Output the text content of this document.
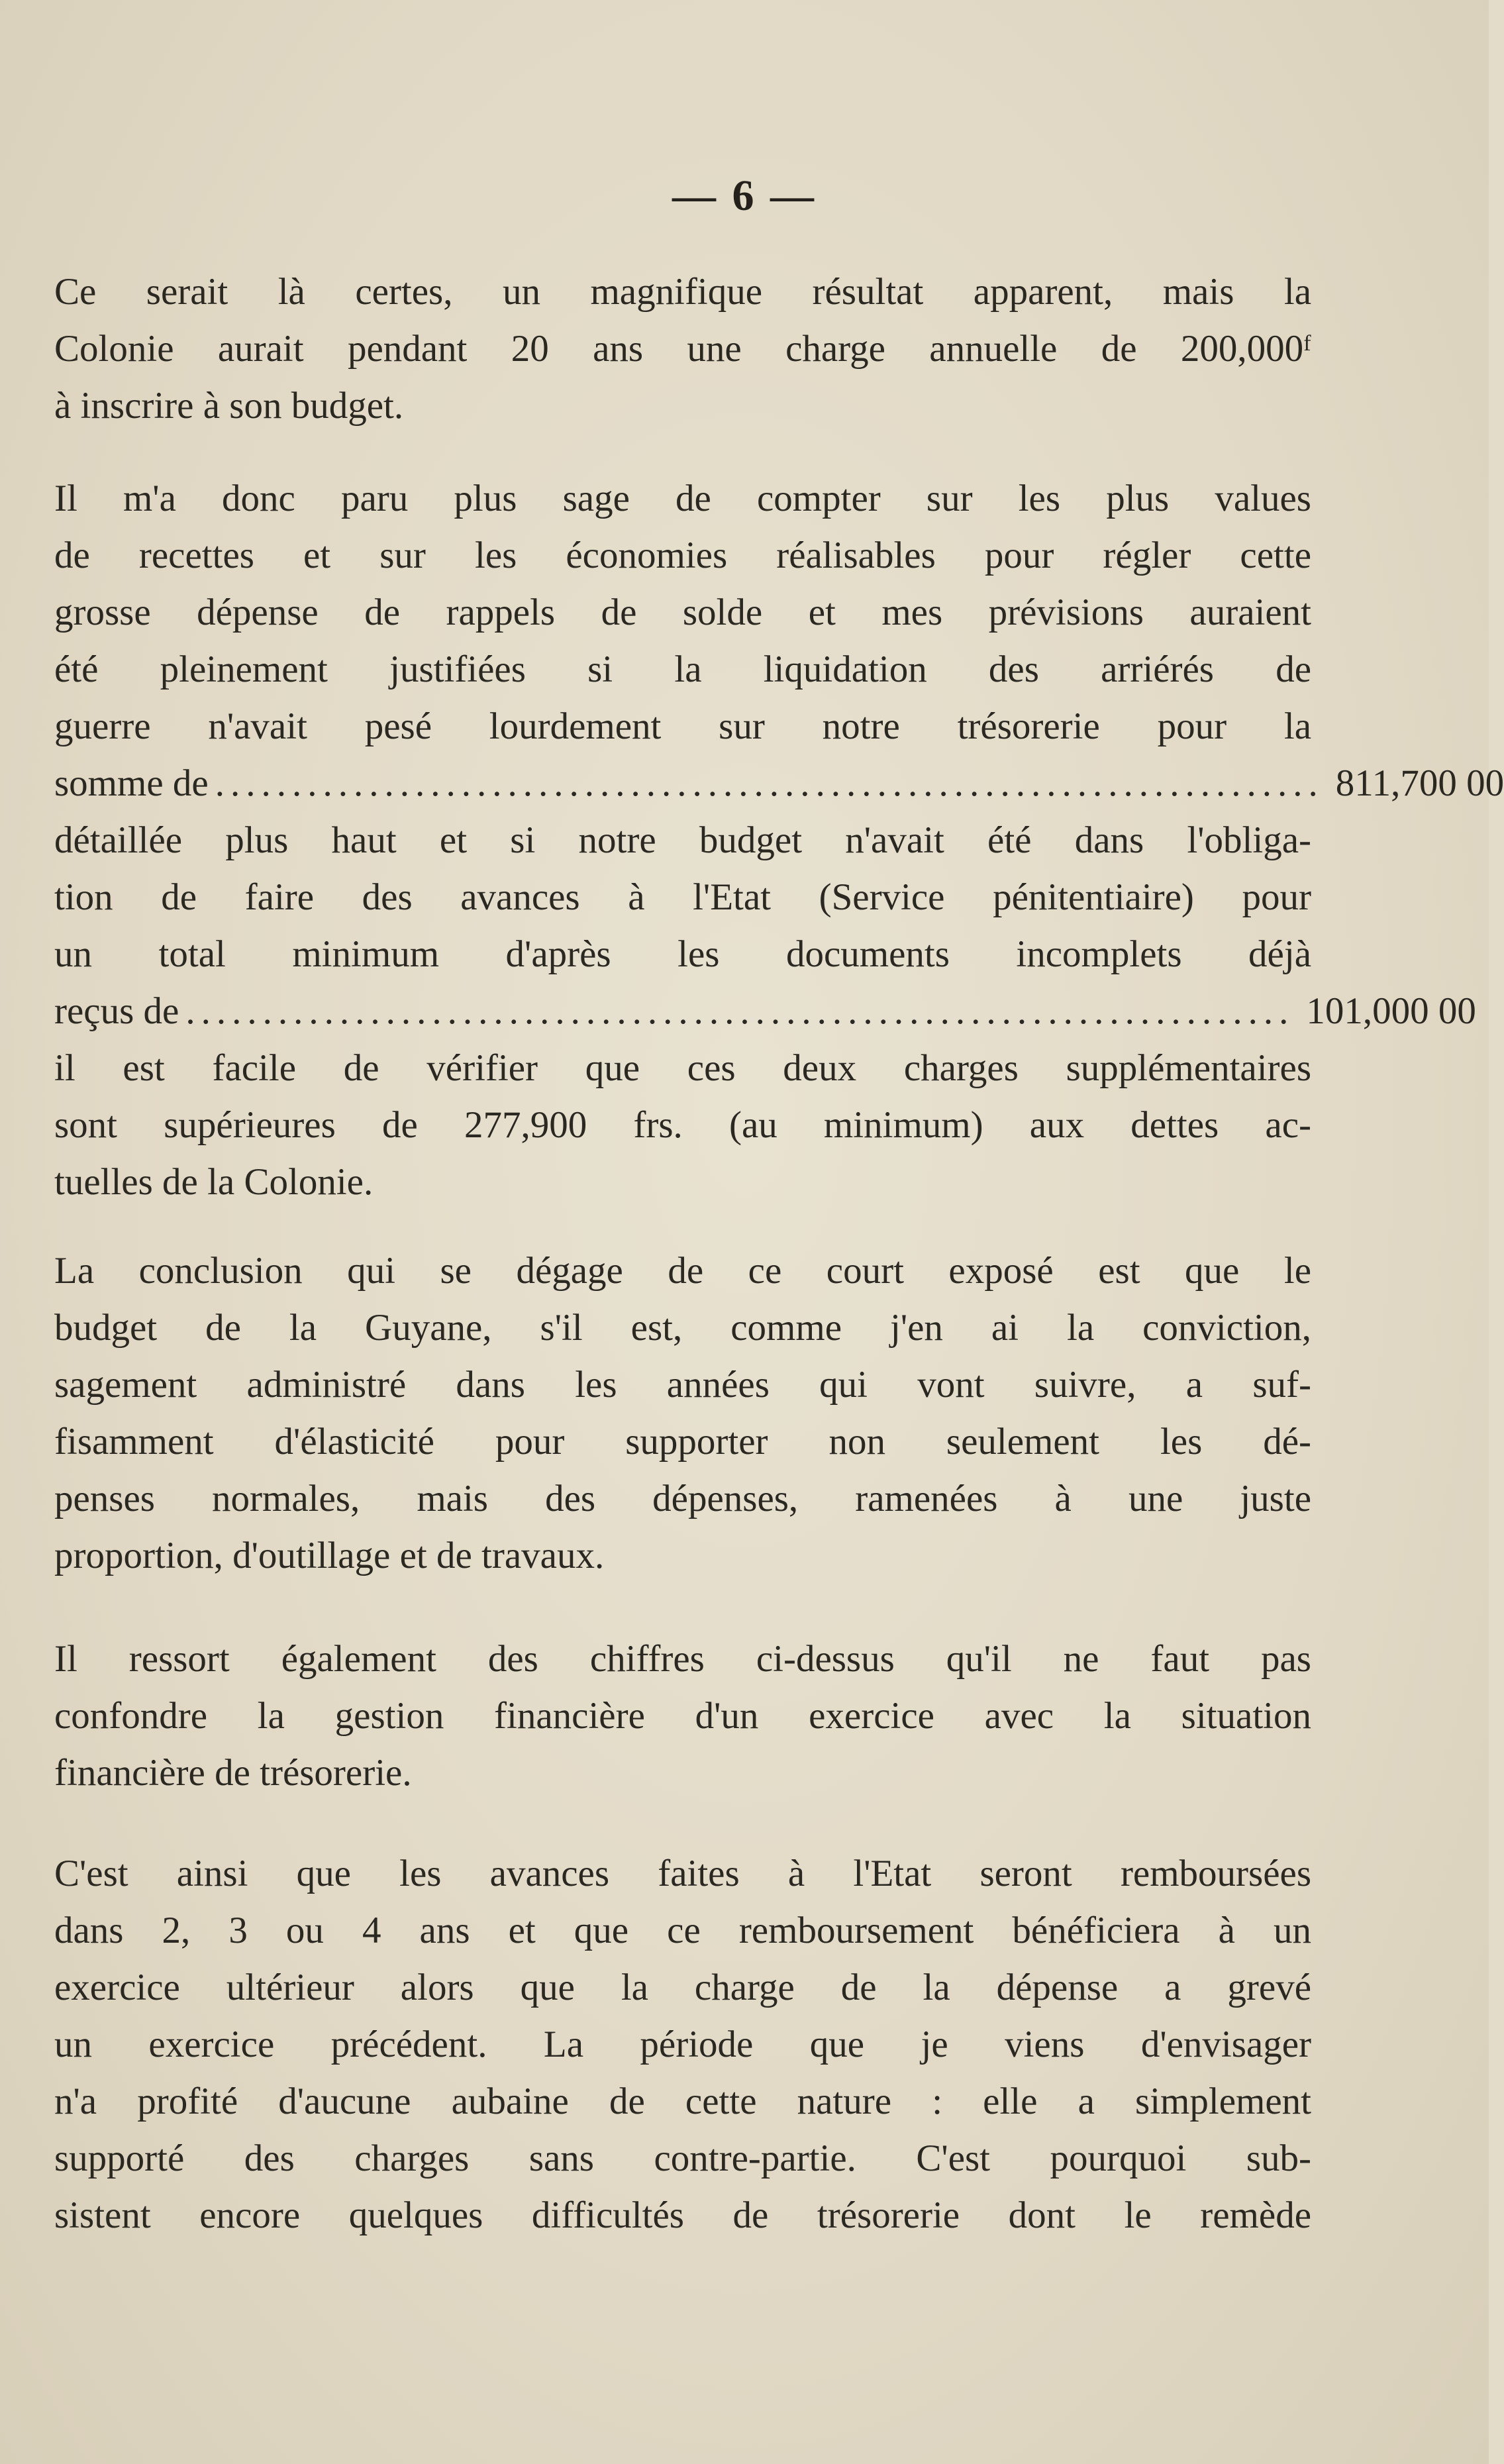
— 6 —
Ce serait là certes, un magnifique résultat apparent, mais la
Colonie aurait pendant 20 ans une charge annuelle de 200,000ᶠ
à inscrire à son budget.
Il m'a donc paru plus sage de compter sur les plus values
de recettes et sur les économies réalisables pour régler cette
grosse dépense de rappels de solde et mes prévisions auraient
été pleinement justifiées si la liquidation des arriérés de
guerre n'avait pesé lourdement sur notre trésorerie pour la
somme de ........................................................................ 811,700 00
détaillée plus haut et si notre budget n'avait été dans l'obliga-
tion de faire des avances à l'Etat (Service pénitentiaire) pour
un total minimum d'après les documents incomplets déjà
reçus de ........................................................................ 101,000 00
il est facile de vérifier que ces deux charges supplémentaires
sont supérieures de 277,900 frs. (au minimum) aux dettes ac-
tuelles de la Colonie.
La conclusion qui se dégage de ce court exposé est que le
budget de la Guyane, s'il est, comme j'en ai la conviction,
sagement administré dans les années qui vont suivre, a suf-
fisamment d'élasticité pour supporter non seulement les dé-
penses normales, mais des dépenses, ramenées à une juste
proportion, d'outillage et de travaux.
Il ressort également des chiffres ci-dessus qu'il ne faut pas
confondre la gestion financière d'un exercice avec la situation
financière de trésorerie.
C'est ainsi que les avances faites à l'Etat seront remboursées
dans 2, 3 ou 4 ans et que ce remboursement bénéficiera à un
exercice ultérieur alors que la charge de la dépense a grevé
un exercice précédent. La période que je viens d'envisager
n'a profité d'aucune aubaine de cette nature : elle a simplement
supporté des charges sans contre-partie. C'est pourquoi sub-
sistent encore quelques difficultés de trésorerie dont le remède
